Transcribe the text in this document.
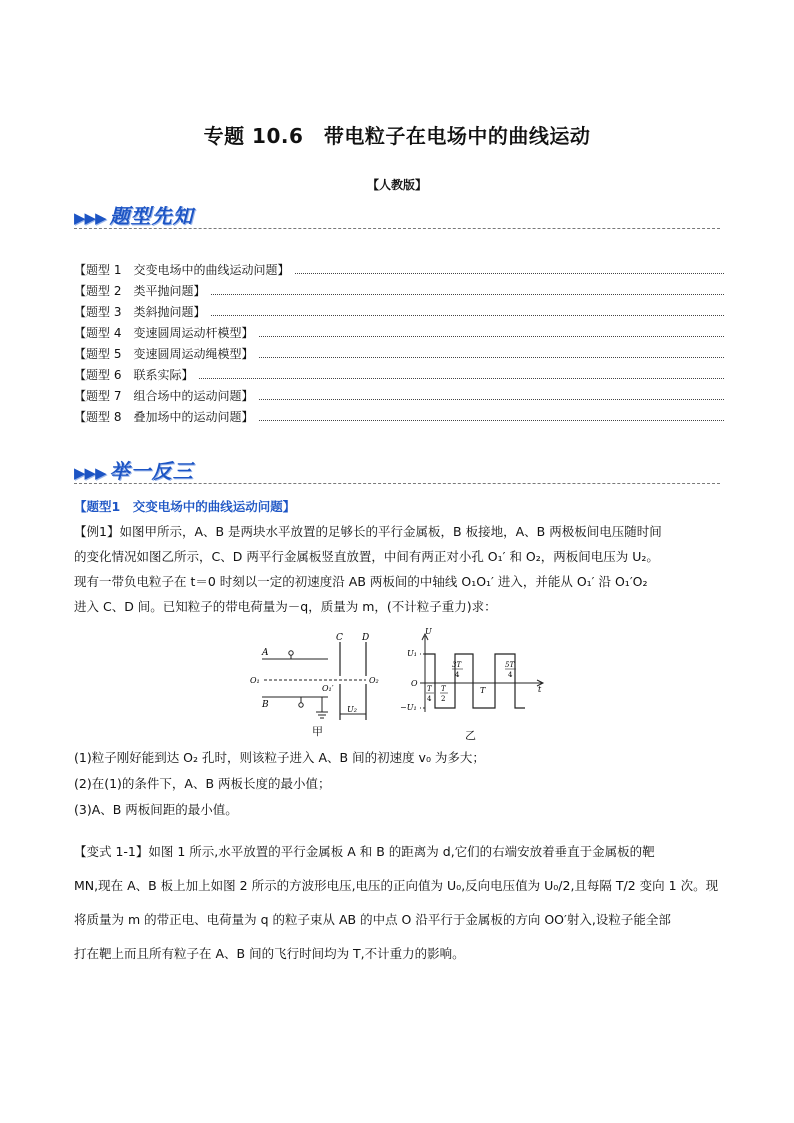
专题 10.6　带电粒子在电场中的曲线运动
【人教版】
▶▶▶ 题型先知
【题型 1　交变电场中的曲线运动问题】
【题型 2　类平抛问题】
【题型 3　类斜抛问题】
【题型 4　变速圆周运动杆模型】
【题型 5　变速圆周运动绳模型】
【题型 6　联系实际】
【题型 7　组合场中的运动问题】
【题型 8　叠加场中的运动问题】
▶▶▶ 举一反三
【题型1　交变电场中的曲线运动问题】
【例1】如图甲所示，A、B 是两块水平放置的足够长的平行金属板，B 板接地，A、B 两极板间电压随时间
的变化情况如图乙所示，C、D 两平行金属板竖直放置，中间有两正对小孔 O₁′ 和 O₂，两板间电压为 U₂。
现有一带负电粒子在 t＝0 时刻以一定的初速度沿 AB 两板间的中轴线 O₁O₁′ 进入，并能从 O₁′ 沿 O₁′O₂
进入 C、D 间。已知粒子的带电荷量为－q，质量为 m，(不计粒子重力)求：
A
B
C D
O₁
O₁′
O₂
U₂
甲
U
U₁
O
−U₁
t
T
4
T
2
3T
4
T
5T
4
乙
(1)粒子刚好能到达 O₂ 孔时，则该粒子进入 A、B 间的初速度 v₀ 为多大；
(2)在(1)的条件下，A、B 两板长度的最小值；
(3)A、B 两板间距的最小值。
【变式 1-1】如图 1 所示,水平放置的平行金属板 A 和 B 的距离为 d,它们的右端安放着垂直于金属板的靶
MN,现在 A、B 板上加上如图 2 所示的方波形电压,电压的正向值为 U₀,反向电压值为 U₀/2,且每隔 T/2 变向 1 次。现
将质量为 m 的带正电、电荷量为 q 的粒子束从 AB 的中点 O 沿平行于金属板的方向 OO′射入,设粒子能全部
打在靶上而且所有粒子在 A、B 间的飞行时间均为 T,不计重力的影响。
